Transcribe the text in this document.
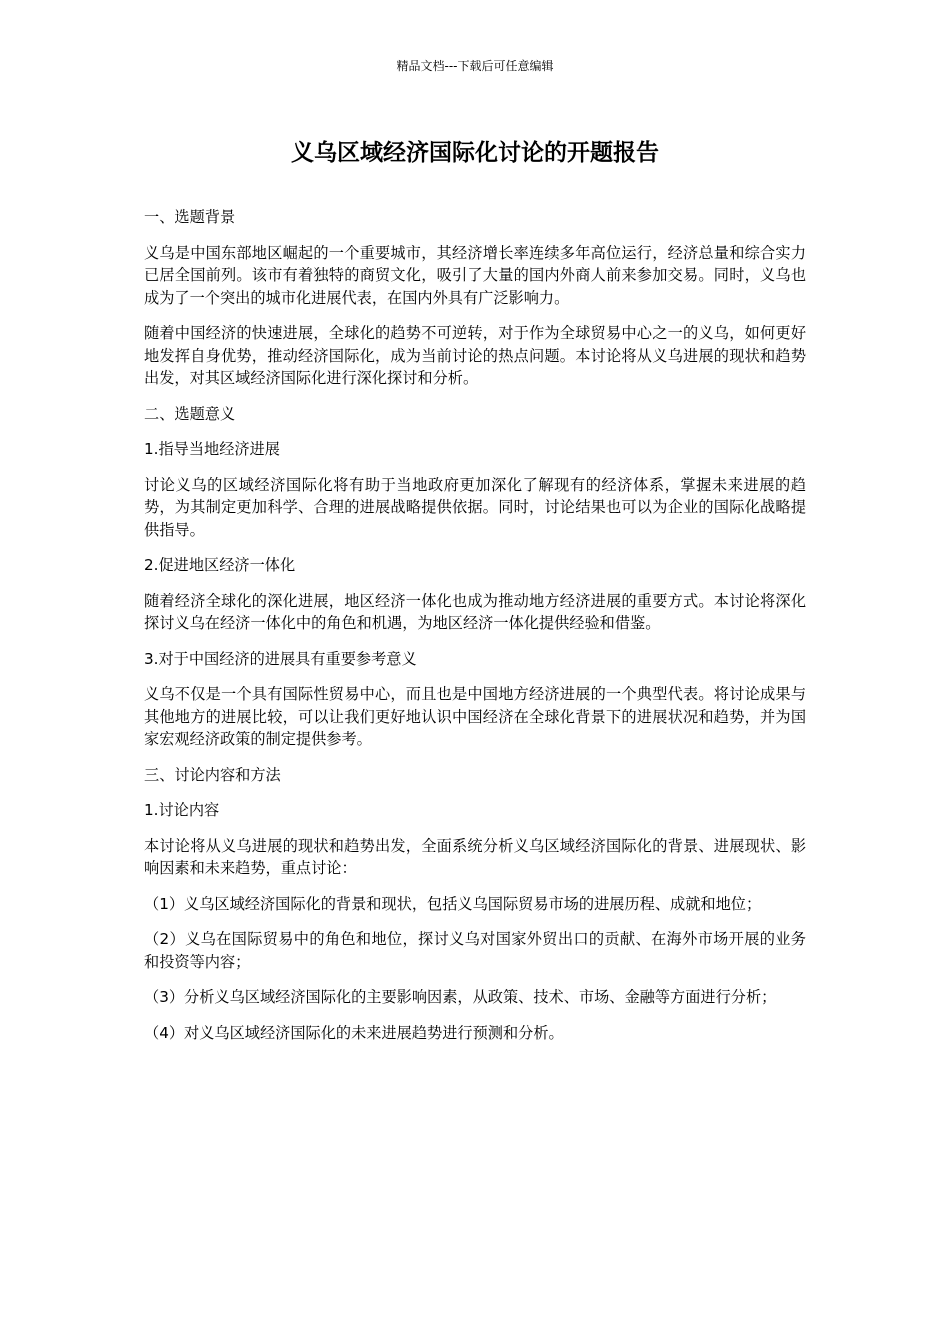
精品文档---下载后可任意编辑
义乌区域经济国际化讨论的开题报告

一、选题背景

义乌是中国东部地区崛起的一个重要城市，其经济增长率连续多年高位运行，经济总量和综合实力已居全国前列。该市有着独特的商贸文化，吸引了大量的国内外商人前来参加交易。同时，义乌也成为了一个突出的城市化进展代表，在国内外具有广泛影响力。

随着中国经济的快速进展，全球化的趋势不可逆转，对于作为全球贸易中心之一的义乌，如何更好地发挥自身优势，推动经济国际化，成为当前讨论的热点问题。本讨论将从义乌进展的现状和趋势出发，对其区域经济国际化进行深化探讨和分析。

二、选题意义

1.指导当地经济进展

讨论义乌的区域经济国际化将有助于当地政府更加深化了解现有的经济体系，掌握未来进展的趋势，为其制定更加科学、合理的进展战略提供依据。同时，讨论结果也可以为企业的国际化战略提供指导。

2.促进地区经济一体化

随着经济全球化的深化进展，地区经济一体化也成为推动地方经济进展的重要方式。本讨论将深化探讨义乌在经济一体化中的角色和机遇，为地区经济一体化提供经验和借鉴。

3.对于中国经济的进展具有重要参考意义

义乌不仅是一个具有国际性贸易中心，而且也是中国地方经济进展的一个典型代表。将讨论成果与其他地方的进展比较，可以让我们更好地认识中国经济在全球化背景下的进展状况和趋势，并为国家宏观经济政策的制定提供参考。

三、讨论内容和方法

1.讨论内容

本讨论将从义乌进展的现状和趋势出发，全面系统分析义乌区域经济国际化的背景、进展现状、影响因素和未来趋势，重点讨论：

（1）义乌区域经济国际化的背景和现状，包括义乌国际贸易市场的进展历程、成就和地位；

（2）义乌在国际贸易中的角色和地位，探讨义乌对国家外贸出口的贡献、在海外市场开展的业务和投资等内容；

（3）分析义乌区域经济国际化的主要影响因素，从政策、技术、市场、金融等方面进行分析；

（4）对义乌区域经济国际化的未来进展趋势进行预测和分析。
